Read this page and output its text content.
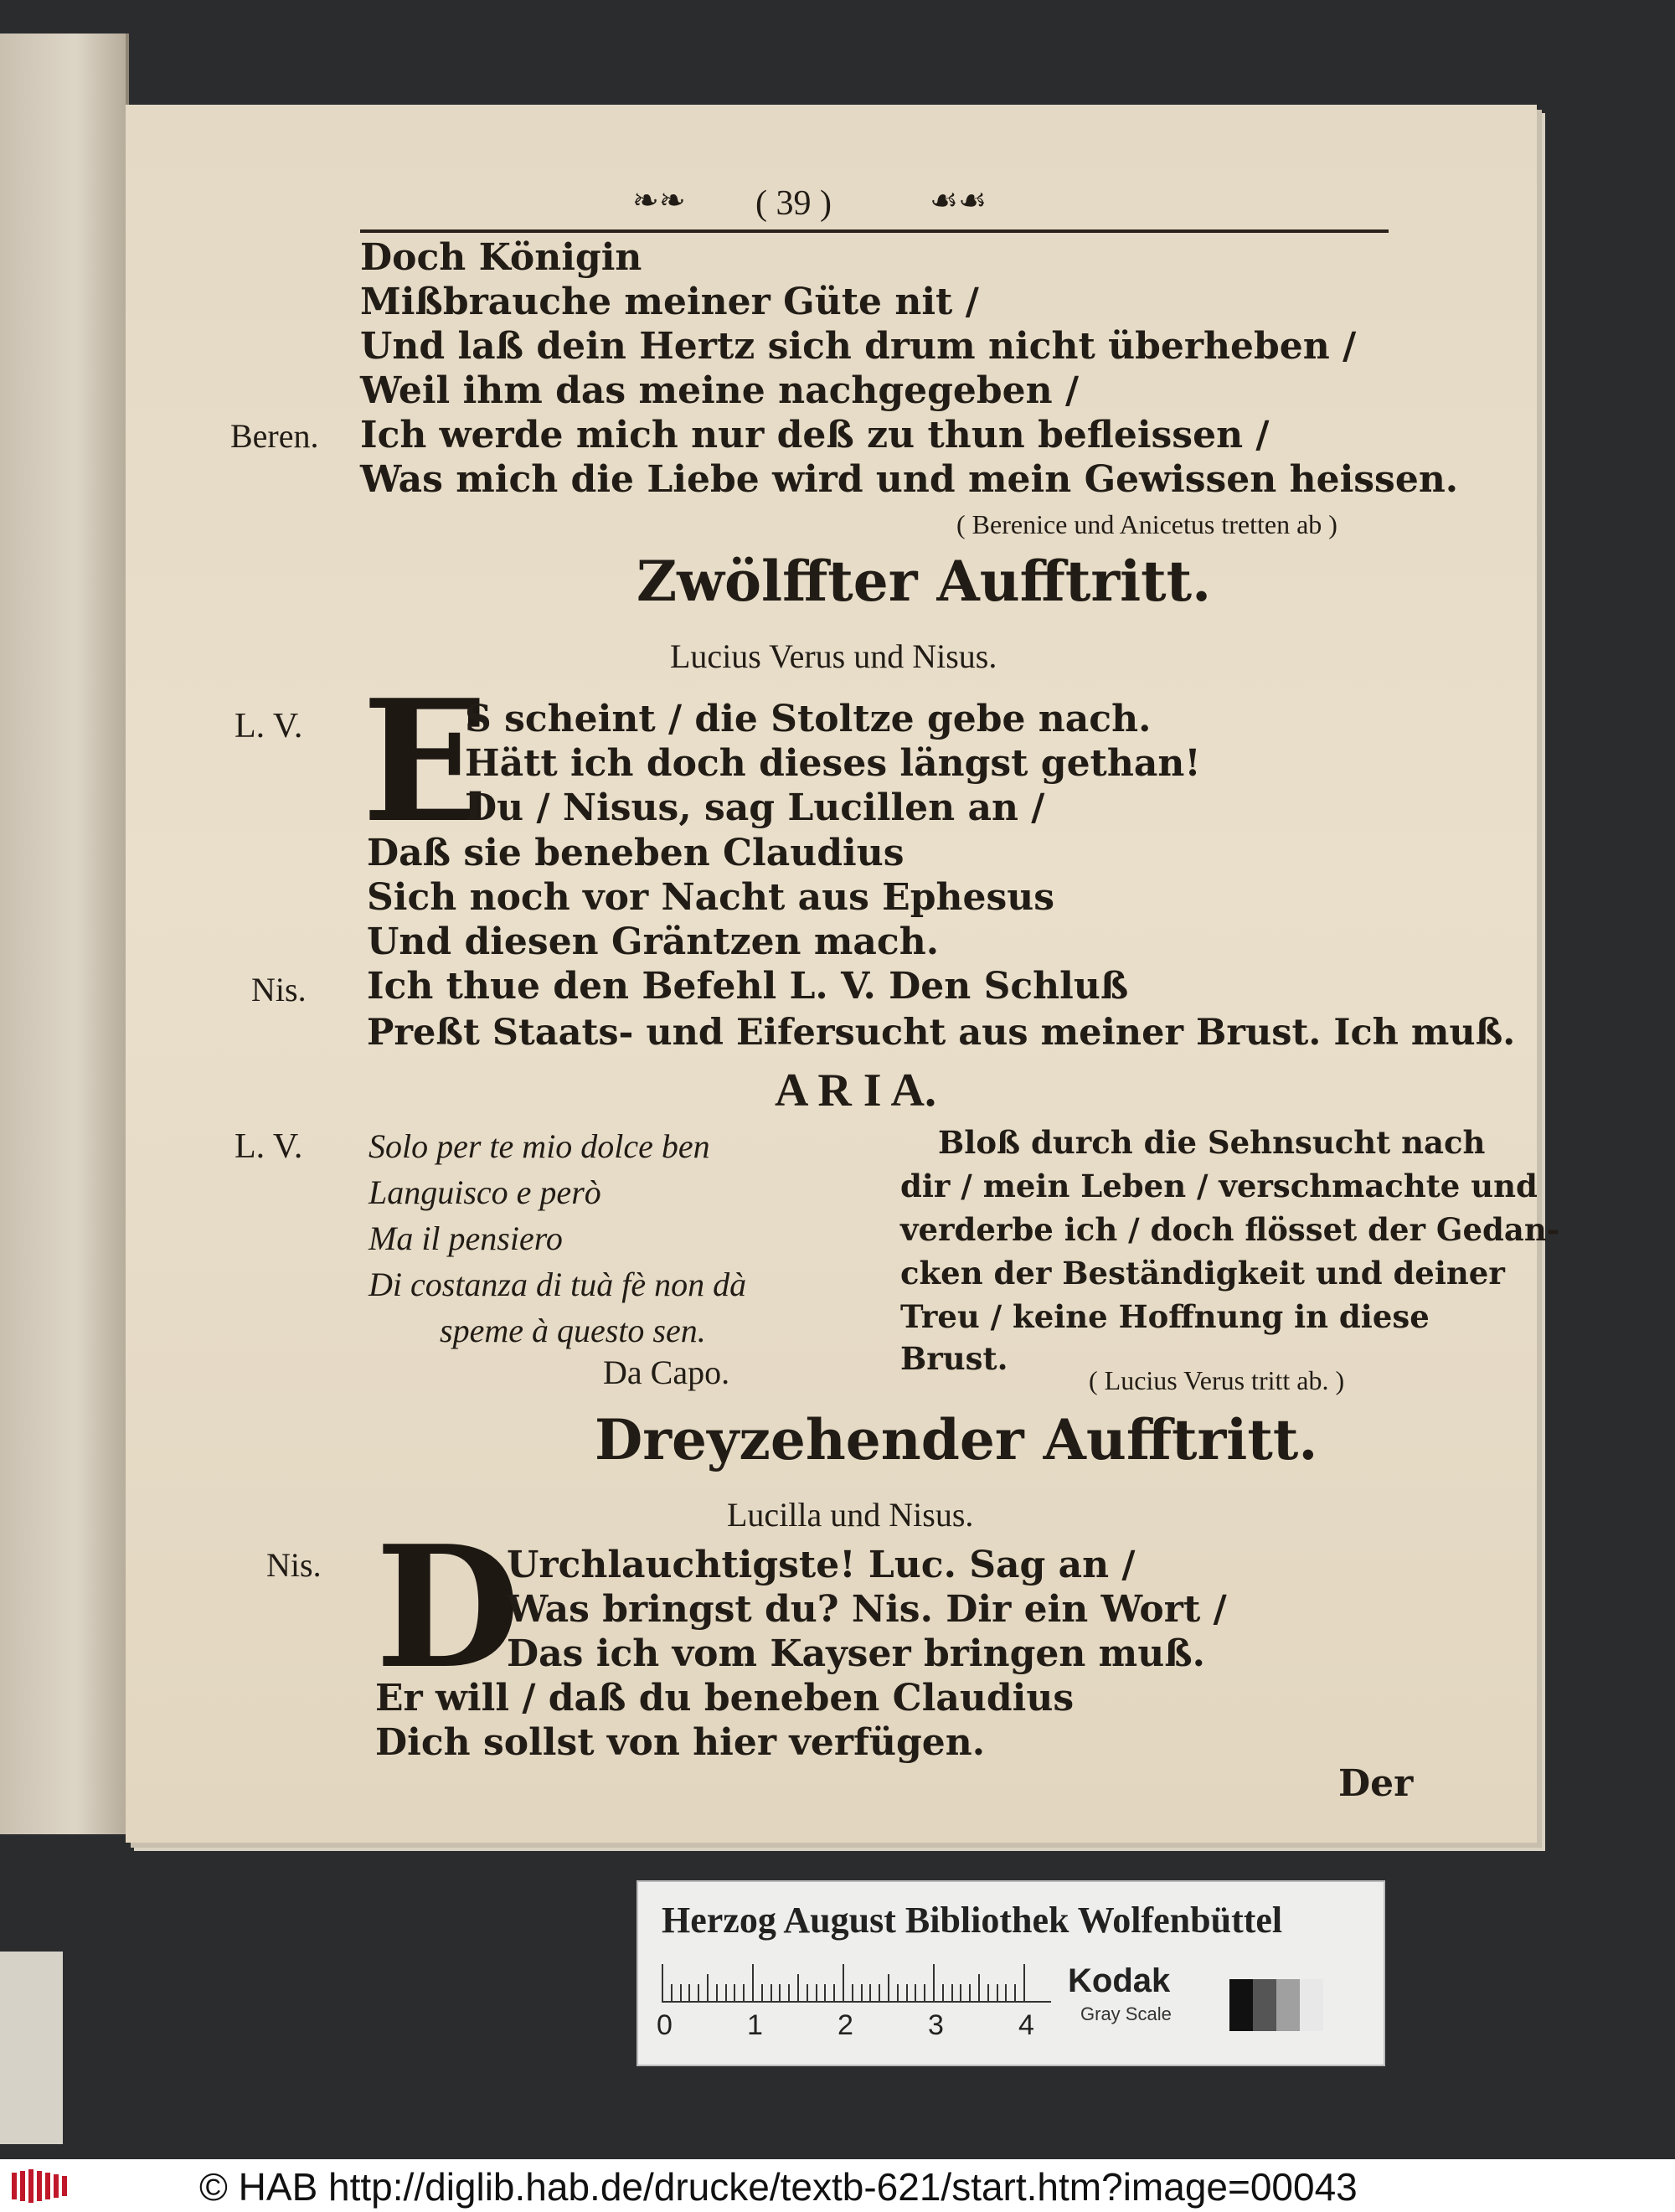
( 39 )
❧❧	☙☙
Doch Königin
Mißbrauche meiner Güte nit /
Und laß dein Hertz sich drum nicht überheben /
Weil ihm das meine nachgegeben /
Beren. Ich werde mich nur deß zu thun befleissen /
Was mich die Liebe wird und mein Gewissen heissen.
( Berenice und Anicetus tretten ab )
Zwölffter Aufftritt.
Lucius Verus und Nisus.
L. V. E
S scheint / die Stoltze gebe nach.
Hätt ich doch dieses längst gethan!
Du / Nisus, sag Lucillen an /
Daß sie beneben Claudius
Sich noch vor Nacht aus Ephesus
Und diesen Gräntzen mach.
Nis. Ich thue den Befehl L. V. Den Schluß
Preßt Staats- und Eifersucht aus meiner Brust. Ich muß.
A R I A.
L. V. Solo per te mio dolce ben
Languisco e però
Ma il pensiero
Di costanza di tuà fè non dà
speme à questo sen.
Da Capo.
Bloß durch die Sehnsucht nach
dir / mein Leben / verschmachte und
verderbe ich / doch flösset der Gedan-
cken der Beständigkeit und deiner
Treu / keine Hoffnung in diese
Brust.
( Lucius Verus tritt ab. )
Dreyzehender Aufftritt.
Lucilla und Nisus.
Nis. D
Urchlauchtigste! Luc. Sag an /
Was bringst du? Nis. Dir ein Wort /
Das ich vom Kayser bringen muß.
Er will / daß du beneben Claudius
Dich sollst von hier verfügen.
Der
Herzog August Bibliothek Wolfenbüttel
0	1	2	3	4
Kodak
Gray Scale
© HAB http://diglib.hab.de/drucke/textb-621/start.htm?image=00043
